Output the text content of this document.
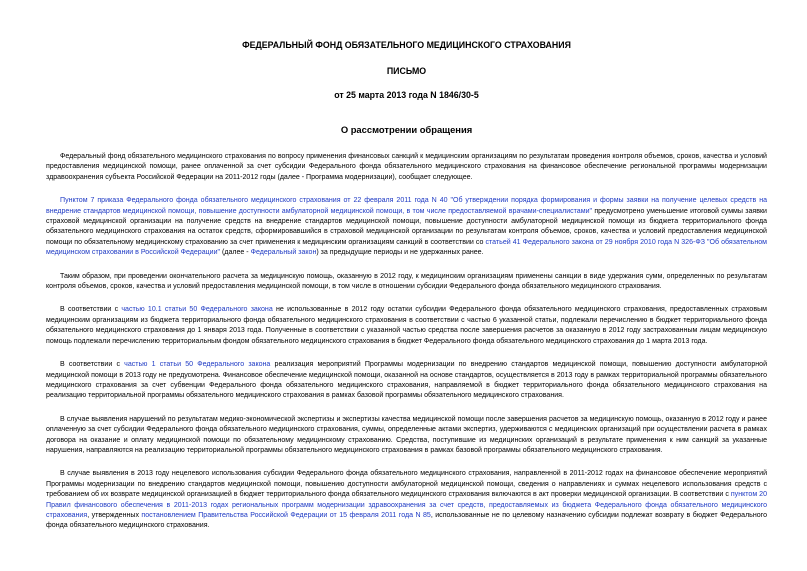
ФЕДЕРАЛЬНЫЙ ФОНД ОБЯЗАТЕЛЬНОГО МЕДИЦИНСКОГО СТРАХОВАНИЯ

ПИСЬМО

от 25 марта 2013 года N 1846/30-5

О рассмотрении обращения

Федеральный фонд обязательного медицинского страхования по вопросу применения финансовых санкций к медицинским организациям по результатам проведения контроля объемов, сроков, качества и условий предоставления медицинской помощи, ранее оплаченной за счет субсидии Федерального фонда обязательного медицинского страхования на финансовое обеспечение региональной программы модернизации здравоохранения субъекта Российской Федерации на 2011-2012 годы (далее - Программа модернизации), сообщает следующее.

Пунктом 7 приказа Федерального фонда обязательного медицинского страхования от 22 февраля 2011 года N 40 "Об утверждении порядка формирования и формы заявки на получение целевых средств на внедрение стандартов медицинской помощи, повышение доступности амбулаторной медицинской помощи, в том числе предоставляемой врачами-специалистами" предусмотрено уменьшение итоговой суммы заявки страховой медицинской организации на получение средств на внедрение стандартов медицинской помощи, повышение доступности амбулаторной медицинской помощи из бюджета территориального фонда обязательного медицинского страхования на остаток средств, сформировавшийся в страховой медицинской организации по результатам контроля объемов, сроков, качества и условий предоставления медицинской помощи по обязательному медицинскому страхованию за счет применения к медицинским организациям санкций в соответствии со статьей 41 Федерального закона от 29 ноября 2010 года N 326-ФЗ "Об обязательном медицинском страховании в Российской Федерации" (далее - Федеральный закон) за предыдущие периоды и не удержанных ранее.

Таким образом, при проведении окончательного расчета за медицинскую помощь, оказанную в 2012 году, к медицинским организациям применены санкции в виде удержания сумм, определенных по результатам контроля объемов, сроков, качества и условий предоставления медицинской помощи, в том числе в отношении субсидии Федерального фонда обязательного медицинского страхования.

В соответствии с частью 10.1 статьи 50 Федерального закона не использованные в 2012 году остатки субсидии Федерального фонда обязательного медицинского страхования, предоставленных страховым медицинским организациям из бюджета территориального фонда обязательного медицинского страхования в соответствии с частью 6 указанной статьи, подлежали перечислению в бюджет территориального фонда обязательного медицинского страхования до 1 января 2013 года. Полученные в соответствии с указанной частью средства после завершения расчетов за оказанную в 2012 году застрахованным лицам медицинскую помощь подлежали перечислению территориальным фондом обязательного медицинского страхования в бюджет Федерального фонда обязательного медицинского страхования до 1 марта 2013 года.

В соответствии с частью 1 статьи 50 Федерального закона реализация мероприятий Программы модернизации по внедрению стандартов медицинской помощи, повышению доступности амбулаторной медицинской помощи в 2013 году не предусмотрена. Финансовое обеспечение медицинской помощи, оказанной на основе стандартов, осуществляется в 2013 году в рамках территориальной программы обязательного медицинского страхования за счет субвенции Федерального фонда обязательного медицинского страхования, направляемой в бюджет территориального фонда обязательного медицинского страхования на реализацию территориальной программы обязательного медицинского страхования в рамках базовой программы обязательного медицинского страхования.

В случае выявления нарушений по результатам медико-экономической экспертизы и экспертизы качества медицинской помощи после завершения расчетов за медицинскую помощь, оказанную в 2012 году и ранее оплаченную за счет субсидии Федерального фонда обязательного медицинского страхования, суммы, определенные актами экспертиз, удерживаются с медицинских организаций при осуществлении расчета в рамках договора на оказание и оплату медицинской помощи по обязательному медицинскому страхованию. Средства, поступившие из медицинских организаций в результате применения к ним санкций за указанные нарушения, направляются на реализацию территориальной программы обязательного медицинского страхования в рамках базовой программы обязательного медицинского страхования.

В случае выявления в 2013 году нецелевого использования субсидии Федерального фонда обязательного медицинского страхования, направленной в 2011-2012 годах на финансовое обеспечение мероприятий Программы модернизации по внедрению стандартов медицинской помощи, повышению доступности амбулаторной медицинской помощи, сведения о направлениях и суммах нецелевого использования средств с требованием об их возврате медицинской организацией в бюджет территориального фонда обязательного медицинского страхования включаются в акт проверки медицинской организации. В соответствии с пунктом 20 Правил финансового обеспечения в 2011-2013 годах региональных программ модернизации здравоохранения за счет средств, предоставляемых из бюджета Федерального фонда обязательного медицинского страхования, утвержденных постановлением Правительства Российской Федерации от 15 февраля 2011 года N 85, использованные не по целевому назначению субсидии подлежат возврату в бюджет Федерального фонда обязательного медицинского страхования.
